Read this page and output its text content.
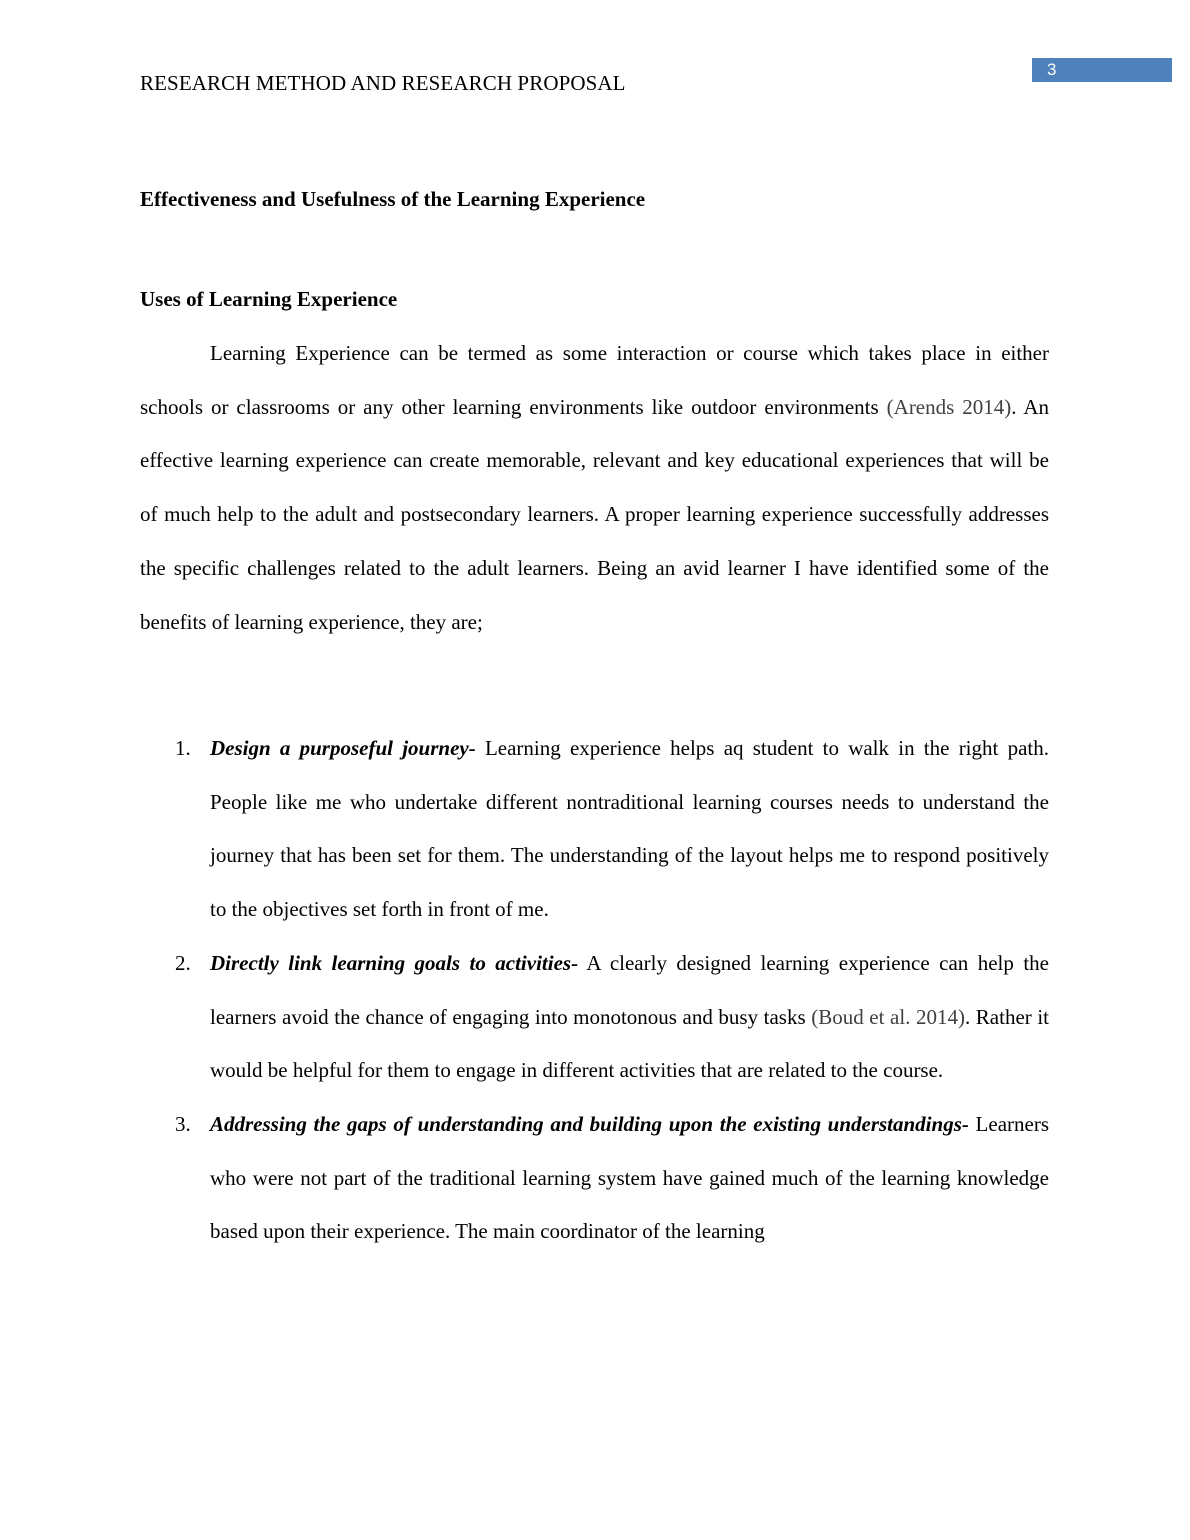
RESEARCH METHOD AND RESEARCH PROPOSAL
3
Effectiveness and Usefulness of the Learning Experience
Uses of Learning Experience

Learning Experience can be termed as some interaction or course which takes place in either schools or classrooms or any other learning environments like outdoor environments (Arends 2014). An effective learning experience can create memorable, relevant and key educational experiences that will be of much help to the adult and postsecondary learners. A proper learning experience successfully addresses the specific challenges related to the adult learners. Being an avid learner I have identified some of the benefits of learning experience, they are;

1. Design a purposeful journey- Learning experience helps aq student to walk in the right path. People like me who undertake different nontraditional learning courses needs to understand the journey that has been set for them. The understanding of the layout helps me to respond positively to the objectives set forth in front of me.
2. Directly link learning goals to activities- A clearly designed learning experience can help the learners avoid the chance of engaging into monotonous and busy tasks (Boud et al. 2014). Rather it would be helpful for them to engage in different activities that are related to the course.
3. Addressing the gaps of understanding and building upon the existing understandings- Learners who were not part of the traditional learning system have gained much of the learning knowledge based upon their experience. The main coordinator of the learning
